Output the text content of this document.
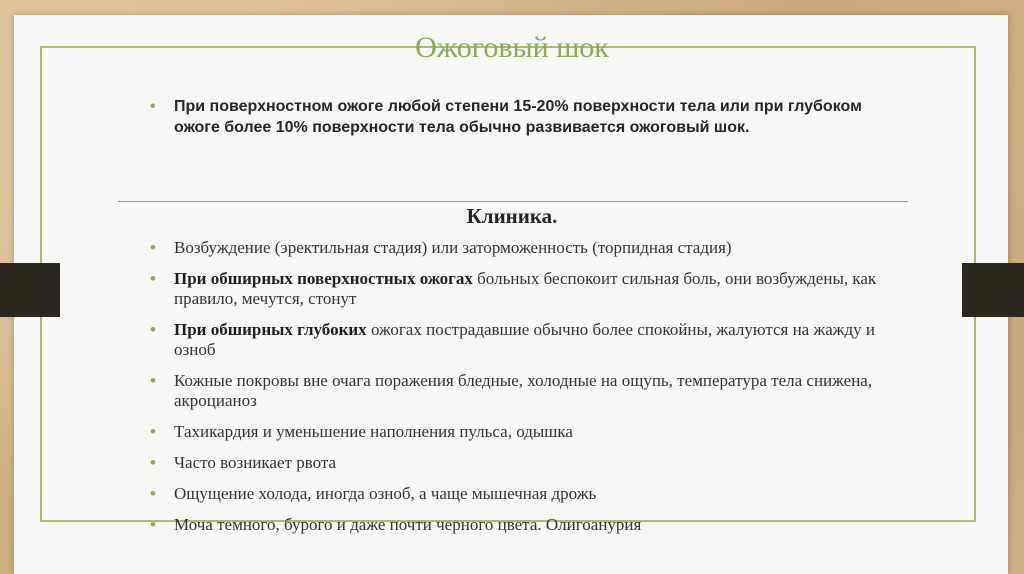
Ожоговый шок
• При поверхностном ожоге любой степени 15-20% поверхности тела или при глубоком ожоге более 10% поверхности тела обычно развивается ожоговый шок.
Клиника.
• Возбуждение (эректильная стадия) или заторможенность (торпидная стадия)
• При обширных поверхностных ожогах больных беспокоит сильная боль, они возбуждены, как правило, мечутся, стонут
• При обширных глубоких ожогах пострадавшие обычно более спокойны, жалуются на жажду и озноб
• Кожные покровы вне очага поражения бледные, холодные на ощупь, температура тела снижена, акроцианоз
• Тахикардия и уменьшение наполнения пульса, одышка
• Часто возникает рвота
• Ощущение холода, иногда озноб, а чаще мышечная дрожь
• Моча темного, бурого и даже почти черного цвета. Олигоанурия
